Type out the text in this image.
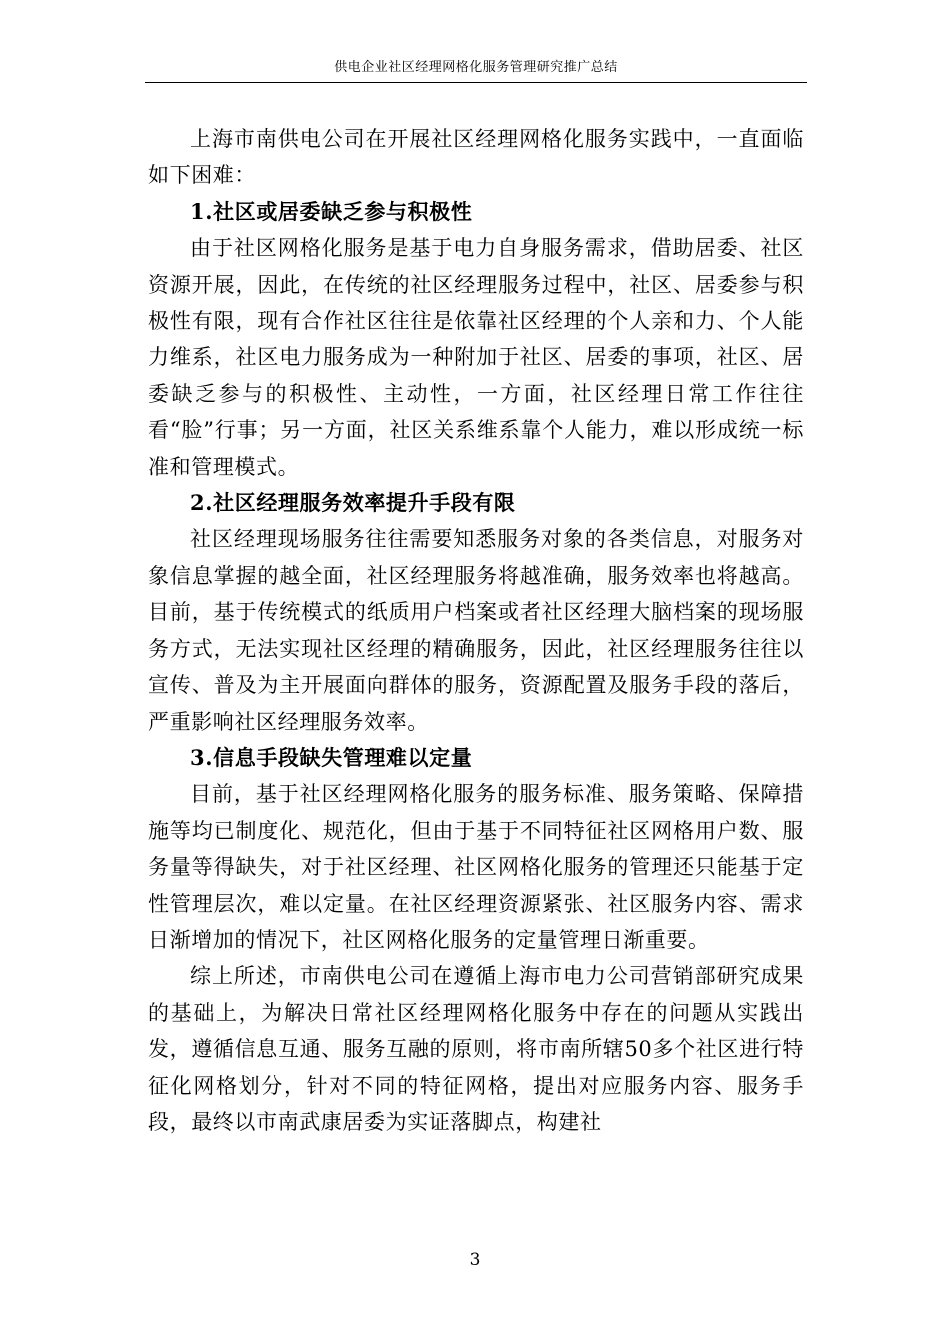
供电企业社区经理网格化服务管理研究推广总结

上海市南供电公司在开展社区经理网格化服务实践中，一直面临如下困难：

1.社区或居委缺乏参与积极性

由于社区网格化服务是基于电力自身服务需求，借助居委、社区资源开展，因此，在传统的社区经理服务过程中，社区、居委参与积极性有限，现有合作社区往往是依靠社区经理的个人亲和力、个人能力维系，社区电力服务成为一种附加于社区、居委的事项，社区、居委缺乏参与的积极性、主动性，一方面，社区经理日常工作往往看“脸”行事；另一方面，社区关系维系靠个人能力，难以形成统一标准和管理模式。

2.社区经理服务效率提升手段有限

社区经理现场服务往往需要知悉服务对象的各类信息，对服务对象信息掌握的越全面，社区经理服务将越准确，服务效率也将越高。目前，基于传统模式的纸质用户档案或者社区经理大脑档案的现场服务方式，无法实现社区经理的精确服务，因此，社区经理服务往往以宣传、普及为主开展面向群体的服务，资源配置及服务手段的落后，严重影响社区经理服务效率。

3.信息手段缺失管理难以定量

目前，基于社区经理网格化服务的服务标准、服务策略、保障措施等均已制度化、规范化，但由于基于不同特征社区网格用户数、服务量等得缺失，对于社区经理、社区网格化服务的管理还只能基于定性管理层次，难以定量。在社区经理资源紧张、社区服务内容、需求日渐增加的情况下，社区网格化服务的定量管理日渐重要。

综上所述，市南供电公司在遵循上海市电力公司营销部研究成果的基础上，为解决日常社区经理网格化服务中存在的问题从实践出发，遵循信息互通、服务互融的原则，将市南所辖50多个社区进行特征化网格划分，针对不同的特征网格，提出对应服务内容、服务手段，最终以市南武康居委为实证落脚点，构建社

3
